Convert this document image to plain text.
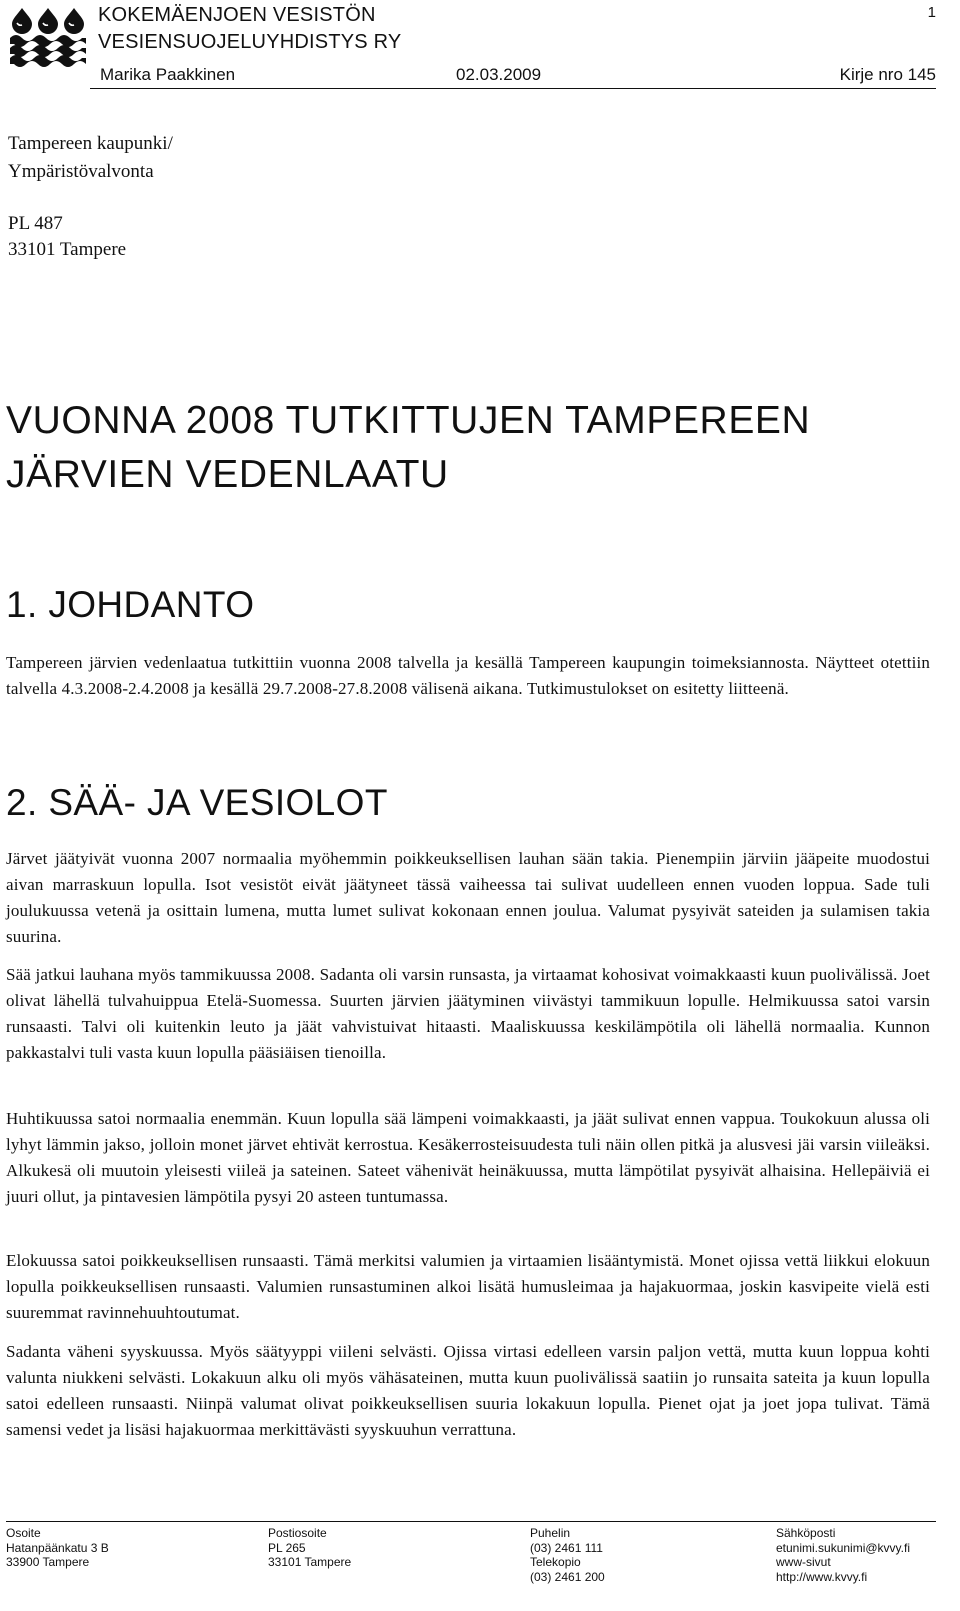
KOKEMÄENJOEN VESISTÖN
VESIENSUOJELUYHDISTYS RY
1
Marika Paakkinen	02.03.2009	Kirje nro 145
Tampereen kaupunki/
Ympäristövalvonta
PL 487
33101 Tampere
VUONNA 2008 TUTKITTUJEN TAMPEREEN
JÄRVIEN VEDENLAATU
1. JOHDANTO

Tampereen järvien vedenlaatua tutkittiin vuonna 2008 talvella ja kesällä Tampereen kaupungin toimeksiannosta. Näytteet otettiin talvella 4.3.2008-2.4.2008 ja kesällä 29.7.2008-27.8.2008 välisenä aikana. Tutkimustulokset on esitetty liitteenä.

2. SÄÄ- JA VESIOLOT

Järvet jäätyivät vuonna 2007 normaalia myöhemmin poikkeuksellisen lauhan sään takia. Pienempiin järviin jääpeite muodostui aivan marraskuun lopulla. Isot vesistöt eivät jäätyneet tässä vaiheessa tai sulivat uudelleen ennen vuoden loppua. Sade tuli joulukuussa vetenä ja osittain lumena, mutta lumet sulivat kokonaan ennen joulua. Valumat pysyivät sateiden ja sulamisen takia suurina.

Sää jatkui lauhana myös tammikuussa 2008. Sadanta oli varsin runsasta, ja virtaamat kohosivat voimakkaasti kuun puolivälissä. Joet olivat lähellä tulvahuippua Etelä-Suomessa. Suurten järvien jäätyminen viivästyi tammikuun lopulle. Helmikuussa satoi varsin runsaasti. Talvi oli kuitenkin leuto ja jäät vahvistuivat hitaasti. Maaliskuussa keskilämpötila oli lähellä normaalia. Kunnon pakkastalvi tuli vasta kuun lopulla pääsiäisen tienoilla.

Huhtikuussa satoi normaalia enemmän. Kuun lopulla sää lämpeni voimakkaasti, ja jäät sulivat ennen vappua. Toukokuun alussa oli lyhyt lämmin jakso, jolloin monet järvet ehtivät kerrostua. Kesäkerrosteisuudesta tuli näin ollen pitkä ja alusvesi jäi varsin viileäksi. Alkukesä oli muutoin yleisesti viileä ja sateinen. Sateet vähenivät heinäkuussa, mutta lämpötilat pysyivät alhaisina. Hellepäiviä ei juuri ollut, ja pintavesien lämpötila pysyi 20 asteen tuntumassa.

Elokuussa satoi poikkeuksellisen runsaasti. Tämä merkitsi valumien ja virtaamien lisääntymistä. Monet ojissa vettä liikkui elokuun lopulla poikkeuksellisen runsaasti. Valumien runsastuminen alkoi lisätä humusleimaa ja hajakuormaa, joskin kasvipeite vielä esti suuremmat ravinnehuuhtoutumat.

Sadanta väheni syyskuussa. Myös säätyyppi viileni selvästi. Ojissa virtasi edelleen varsin paljon vettä, mutta kuun loppua kohti valunta niukkeni selvästi. Lokakuun alku oli myös vähäsateinen, mutta kuun puolivälissä saatiin jo runsaita sateita ja kuun lopulla satoi edelleen runsaasti. Niinpä valumat olivat poikkeuksellisen suuria lokakuun lopulla. Pienet ojat ja joet jopa tulivat. Tämä samensi vedet ja lisäsi hajakuormaa merkittävästi syyskuuhun verrattuna.

Osoite
Hatanpäänkatu 3 B
33900 Tampere
Postiosoite
PL 265
33101 Tampere
Puhelin
(03) 2461 111
Telekopio
(03) 2461 200
Sähköposti
etunimi.sukunimi@kvvy.fi
www-sivut
http://www.kvvy.fi
